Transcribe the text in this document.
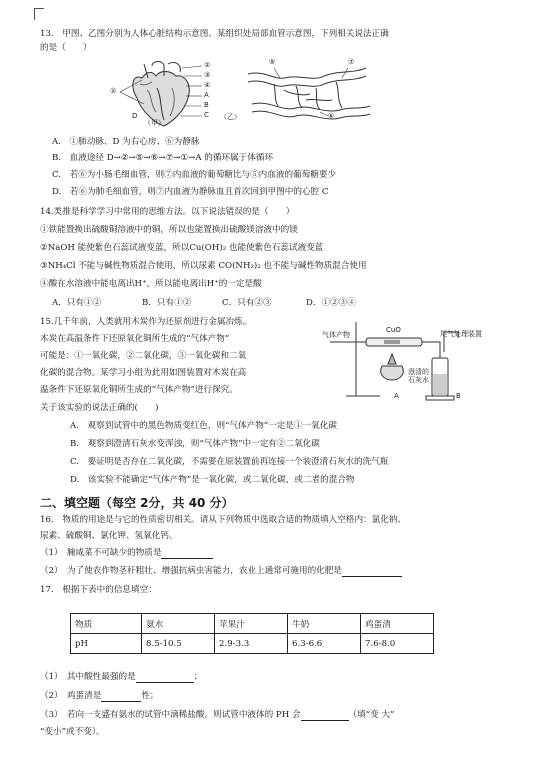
13.　甲图、乙图分别为人体心脏结构示意图、某组织处局部血管示意图，下列相关说法正确
的是（　　）
①
②
③
④
A
B
C
D
（甲）
⑤
⑥
⑦
（乙）
A.　①肺动脉、D 为右心房、⑥为静脉
B.　血液途径 D→②→⑤→⑥→⑦→①→A 的循环属于体循环
C.　若⑥为小肠毛细血管，则⑦内血液的葡萄糖比与⑤内血液的葡萄糖要少
D.　若⑥为肺毛细血管，则⑦内血液为静脉血且首次回到甲图中的心腔 C
14.类推是科学学习中常用的思维方法。以下说法错误的是（　　）
①铁能置换出硫酸铜溶液中的铜，所以也能置换出硫酸镁溶液中的镁
②NaOH 能使紫色石蕊试液变蓝，所以Cu(OH)₂ 也能使紫色石蕊试液变蓝
③NH₄Cl 不能与碱性物质混合使用，所以尿素 CO(NH₂)₂ 也不能与碱性物质混合使用
④酸在水溶液中能电离出H⁺，所以能电离出H⁺的一定是酸
A．只有①②	B．只有①②	C．只有②③	D．①②③④
15.几千年前，人类就用木炭作为还原剂进行金属冶炼。
木炭在高温条件下还原氧化铜所生成的“气体产物”
可能是：①一氧化碳，②二氧化碳，③一氧化碳和二氧
化碳的混合物。某学习小组为此用如图装置对木炭在高
温条件下还原氧化铜所生成的“气体产物”进行探究。
关于该实验的说法正确的(　　)
气体产物
CuO	尾气处理装置
澄清的石灰水
A	B
A.　观察到试管中的黑色物质变红色，则“气体产物”一定是①一氧化碳
B.　观察到澄清石灰水变浑浊，则“气体产物”中一定有②二氧化碳
C.　要证明是否存在二氧化碳，不需要在原装置前再连接一个装澄清石灰水的洗气瓶
D.　该实验不能确定“气体产物”是一氧化碳，或二氧化碳，或二者的混合物
二、填空题（每空 2分，共 40 分）
16.　物质的用途是与它的性质密切相关。请从下列物质中选取合适的物质填入空格内：氯化钠、
尿素、硫酸铜、氯化钾、氢氧化钙。
（1）　腌咸菜不可缺少的物质是
（2）　为了使农作物茎秆粗壮、增强抗病虫害能力，农业上通常可施用的化肥是
17.　根据下表中的信息填空：
物质	氨水	苹果汁	牛奶	鸡蛋清
pH	8.5-10.5	2.9-3.3	6.3-6.6	7.6-8.0
（1）　其中酸性最强的是	；
（2）　鸡蛋清是	性；
（3）　若向一支盛有氨水的试管中滴稀盐酸，则试管中液体的 PH 会	（填“变 大”
“变小”或不变）。
